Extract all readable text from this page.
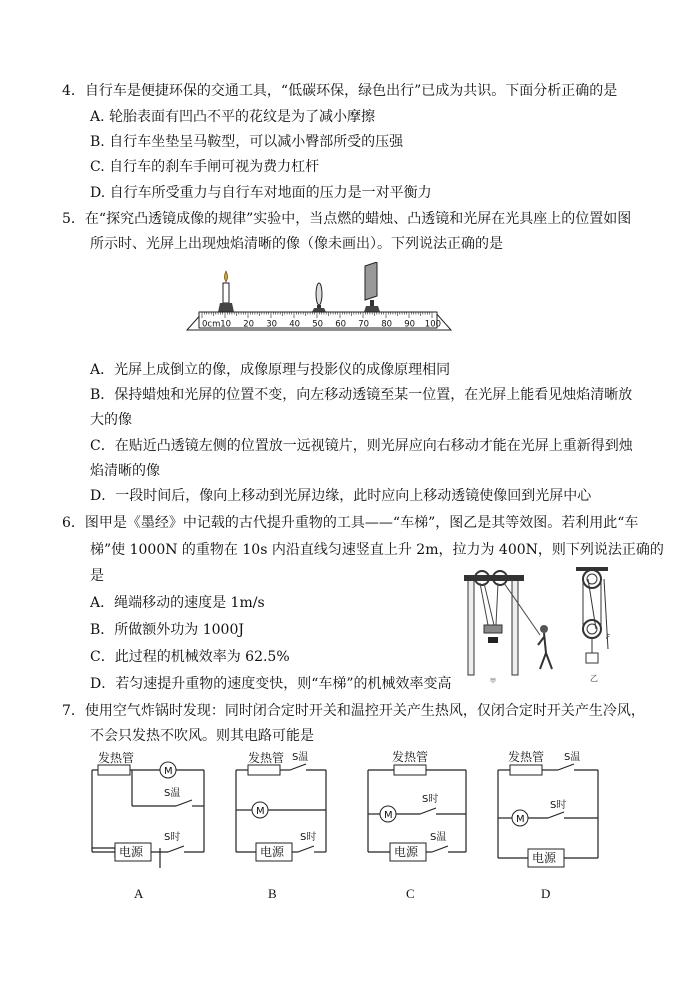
4．自行车是便捷环保的交通工具，“低碳环保，绿色出行”已成为共识。下面分析正确的是
A. 轮胎表面有凹凸不平的花纹是为了减小摩擦
B. 自行车坐垫呈马鞍型，可以减小臀部所受的压强
C. 自行车的刹车手闸可视为费力杠杆
D. 自行车所受重力与自行车对地面的压力是一对平衡力
5．在“探究凸透镜成像的规律”实验中，当点燃的蜡烛、凸透镜和光屏在光具座上的位置如图
所示时、光屏上出现烛焰清晰的像（像未画出）。下列说法正确的是
0cm 10 20 30 40 50 60 70 80 90 100
A．光屏上成倒立的像，成像原理与投影仪的成像原理相同
B．保持蜡烛和光屏的位置不变，向左移动透镜至某一位置，在光屏上能看见烛焰清晰放
大的像
C．在贴近凸透镜左侧的位置放一远视镜片，则光屏应向右移动才能在光屏上重新得到烛
焰清晰的像
D．一段时间后，像向上移动到光屏边缘，此时应向上移动透镜使像回到光屏中心
6．图甲是《墨经》中记载的古代提升重物的工具——“车梯”，图乙是其等效图。若利用此“车
梯”使 1000N 的重物在 10s 内沿直线匀速竖直上升 2m，拉力为 400N，则下列说法正确的
是
A．绳端移动的速度是 1m/s
B．所做额外功为 1000J
C．此过程的机械效率为 62.5%
D．若匀速提升重物的速度变快，则“车梯”的机械效率变高	甲
F
乙
7．使用空气炸锅时发现：同时闭合定时开关和温控开关产生热风，仅闭合定时开关产生冷风，
不会只发热不吹风。则其电路可能是
M
S温
电源
S时
发热管	发热管 S温
M
电源
S时
发热管
M
S时
电源
S温
发热管 S温
M
S时
电源
A	B	C	D
